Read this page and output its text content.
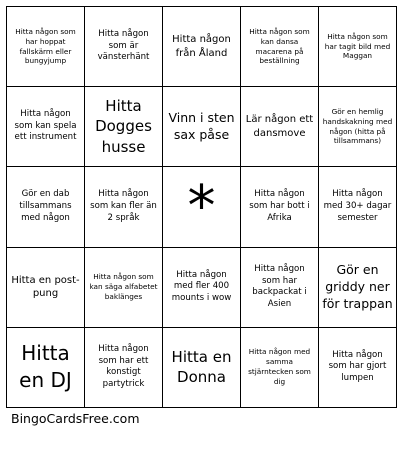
Hitta någon som har hoppat fallskärm eller bungyjump	Hitta någon som är vänsterhänt	Hitta någon från Åland	Hitta någon som kan dansa macarena på beställning	Hitta någon som har tagit bild med Maggan
Hitta någon som kan spela ett instrument	Hitta Dogges husse	Vinn i sten sax påse	Lär någon ett dansmove	Gör en hemlig handskakning med någon (hitta på tillsammans)
Gör en dab tillsammans med någon	Hitta någon som kan fler än 2 språk	*	Hitta någon som har bott i Afrika	Hitta någon med 30+ dagar semester
Hitta en post-pung	Hitta någon som kan säga alfabetet baklänges	Hitta någon med fler 400 mounts i wow	Hitta någon som har backpackat i Asien	Gör en griddy ner för trappan
Hitta en DJ	Hitta någon som har ett konstigt partytrick	Hitta en Donna	Hitta någon med samma stjärntecken som dig	Hitta någon som har gjort lumpen
BingoCardsFree.com
